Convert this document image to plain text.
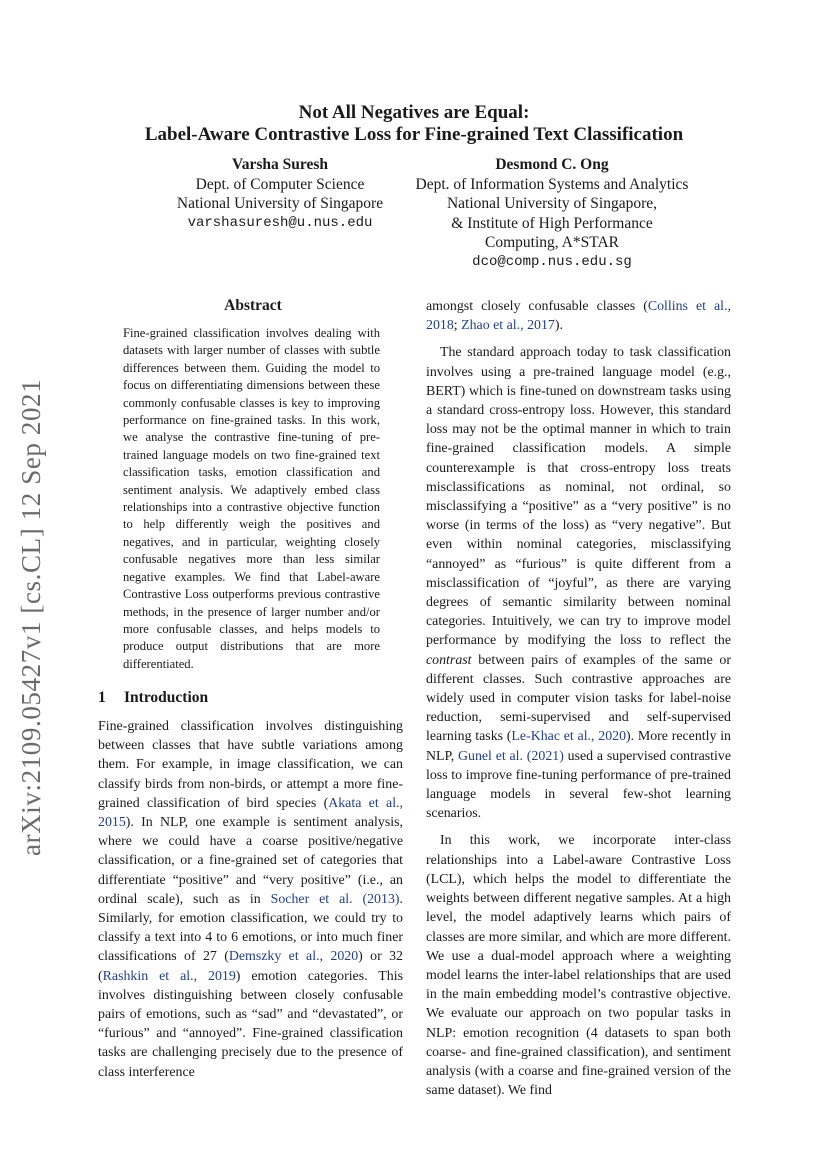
arXiv:2109.05427v1 [cs.CL] 12 Sep 2021
Not All Negatives are Equal:
Label-Aware Contrastive Loss for Fine-grained Text Classification
Varsha Suresh
Dept. of Computer Science
National University of Singapore
varshasuresh@u.nus.edu
Desmond C. Ong
Dept. of Information Systems and Analytics
National University of Singapore,
& Institute of High Performance
Computing, A*STAR
dco@comp.nus.edu.sg
Abstract
Fine-grained classification involves dealing with datasets with larger number of classes with subtle differences between them. Guiding the model to focus on differentiating dimensions between these commonly confusable classes is key to improving performance on fine-grained tasks. In this work, we analyse the contrastive fine-tuning of pre-trained language models on two fine-grained text classification tasks, emotion classification and sentiment analysis. We adaptively embed class relationships into a contrastive objective function to help differently weigh the positives and negatives, and in particular, weighting closely confusable negatives more than less similar negative examples. We find that Label-aware Contrastive Loss outperforms previous contrastive methods, in the presence of larger number and/or more confusable classes, and helps models to produce output distributions that are more differentiated.
1 Introduction

Fine-grained classification involves distinguishing between classes that have subtle variations among them. For example, in image classification, we can classify birds from non-birds, or attempt a more fine-grained classification of bird species (Akata et al., 2015). In NLP, one example is sentiment analysis, where we could have a coarse positive/negative classification, or a fine-grained set of categories that differentiate “positive” and “very positive” (i.e., an ordinal scale), such as in Socher et al. (2013). Similarly, for emotion classification, we could try to classify a text into 4 to 6 emotions, or into much finer classifications of 27 (Demszky et al., 2020) or 32 (Rashkin et al., 2019) emotion categories. This involves distinguishing between closely confusable pairs of emotions, such as “sad” and “devastated”, or “furious” and “annoyed”. Fine-grained classification tasks are challenging precisely due to the presence of class interference

amongst closely confusable classes (Collins et al., 2018; Zhao et al., 2017).

The standard approach today to task classification involves using a pre-trained language model (e.g., BERT) which is fine-tuned on downstream tasks using a standard cross-entropy loss. However, this standard loss may not be the optimal manner in which to train fine-grained classification models. A simple counterexample is that cross-entropy loss treats misclassifications as nominal, not ordinal, so misclassifying a “positive” as a “very positive” is no worse (in terms of the loss) as “very negative”. But even within nominal categories, misclassifying “annoyed” as “furious” is quite different from a misclassification of “joyful”, as there are varying degrees of semantic similarity between nominal categories. Intuitively, we can try to improve model performance by modifying the loss to reflect the contrast between pairs of examples of the same or different classes. Such contrastive approaches are widely used in computer vision tasks for label-noise reduction, semi-supervised and self-supervised learning tasks (Le-Khac et al., 2020). More recently in NLP, Gunel et al. (2021) used a supervised contrastive loss to improve fine-tuning performance of pre-trained language models in several few-shot learning scenarios.

In this work, we incorporate inter-class relationships into a Label-aware Contrastive Loss (LCL), which helps the model to differentiate the weights between different negative samples. At a high level, the model adaptively learns which pairs of classes are more similar, and which are more different. We use a dual-model approach where a weighting model learns the inter-label relationships that are used in the main embedding model’s contrastive objective. We evaluate our approach on two popular tasks in NLP: emotion recognition (4 datasets to span both coarse- and fine-grained classification), and sentiment analysis (with a coarse and fine-grained version of the same dataset). We find
